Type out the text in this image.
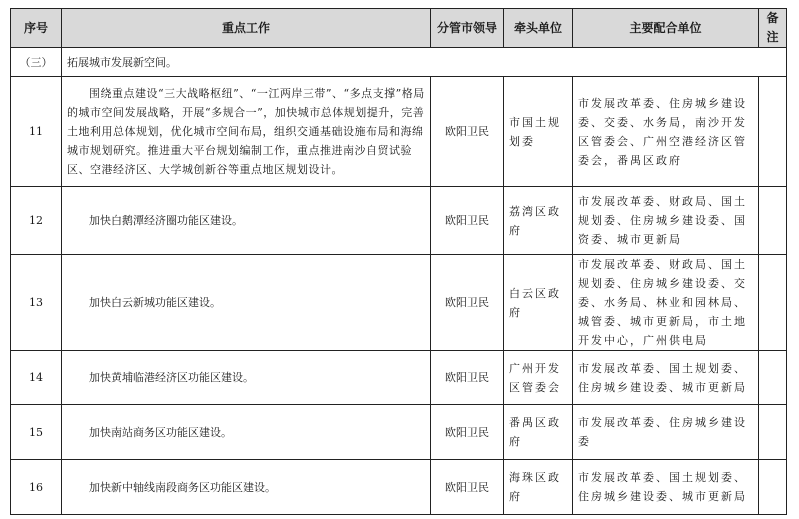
序号	重点工作	分管市领导	牵头单位	主要配合单位	备注
（三）	拓展城市发展新空间。				
11	围绕重点建设“三大战略枢纽”、“一江两岸三带”、“多点支撑”格局的城市空间发展战略，开展“多规合一”，加快城市总体规划提升，完善土地利用总体规划，优化城市空间布局，组织交通基础设施布局和海绵城市规划研究。推进重大平台规划编制工作，重点推进南沙自贸试验区、空港经济区、大学城创新谷等重点地区规划设计。	欧阳卫民	市国土规划委	市发展改革委、住房城乡建设委、交委、水务局，南沙开发区管委会、广州空港经济区管委会，番禺区政府	
12	加快白鹅潭经济圈功能区建设。	欧阳卫民	荔湾区政府	市发展改革委、财政局、国土规划委、住房城乡建设委、国资委、城市更新局	
13	加快白云新城功能区建设。	欧阳卫民	白云区政府	市发展改革委、财政局、国土规划委、住房城乡建设委、交委、水务局、林业和园林局、城管委、城市更新局，市土地开发中心，广州供电局	
14	加快黄埔临港经济区功能区建设。	欧阳卫民	广州开发区管委会	市发展改革委、国土规划委、住房城乡建设委、城市更新局	
15	加快南站商务区功能区建设。	欧阳卫民	番禺区政府	市发展改革委、住房城乡建设委	
16	加快新中轴线南段商务区功能区建设。	欧阳卫民	海珠区政府	市发展改革委、国土规划委、住房城乡建设委、城市更新局	
